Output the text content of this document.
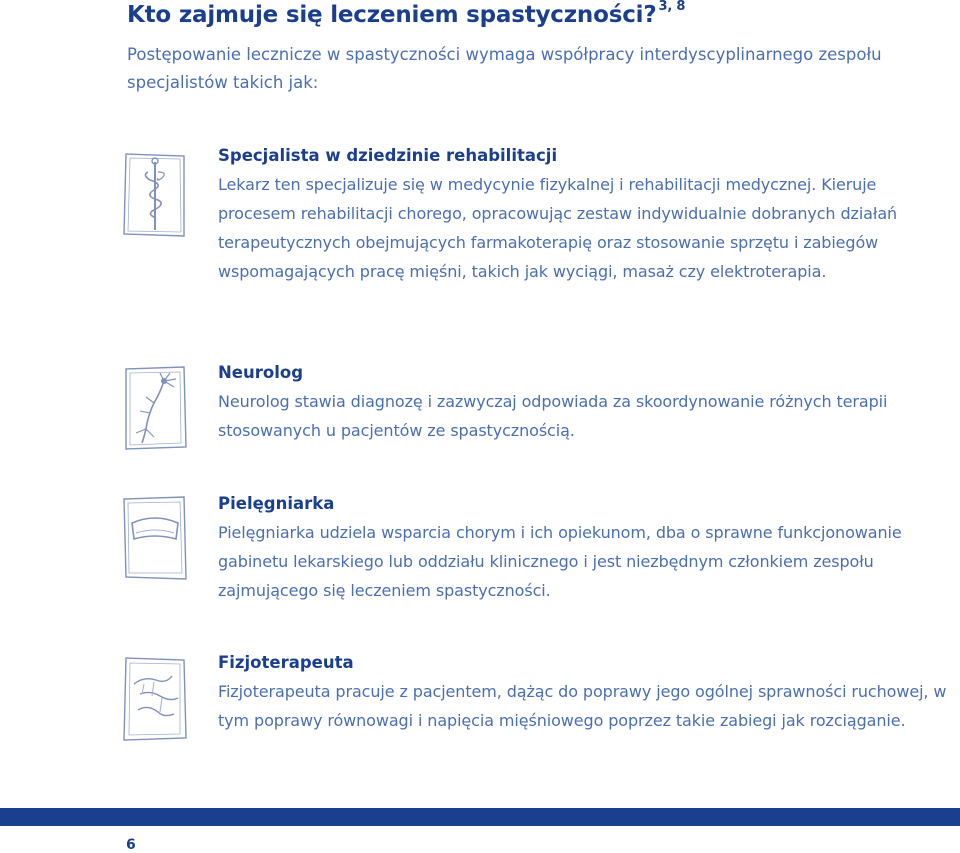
Kto zajmuje się leczeniem spastyczności? $^{3, 8}$
Postępowanie lecznicze w spastyczności wymaga współpracy interdyscyplinarnego zespołu specjalistów takich jak:
Specjalista w dziedzinie rehabilitacji
Lekarz ten specjalizuje się w medycynie fizykalnej i rehabilitacji medycznej. Kieruje procesem rehabilitacji chorego, opracowując zestaw indywidualnie dobranych działań terapeutycznych obejmujących farmakoterapię oraz stosowanie sprzętu i zabiegów wspomagających pracę mięśni, takich jak wyciągi, masaż czy elektroterapia.
Neurolog
Neurolog stawia diagnozę i zazwyczaj odpowiada za skoordynowanie różnych terapii stosowanych u pacjentów ze spastycznością.
Pielęgniarka
Pielęgniarka udziela wsparcia chorym i ich opiekunom, dba o sprawne funkcjonowanie gabinetu lekarskiego lub oddziału klinicznego i jest niezbędnym członkiem zespołu zajmującego się leczeniem spastyczności.
Fizjoterapeuta
Fizjoterapeuta pracuje z pacjentem, dążąc do poprawy jego ogólnej sprawności ruchowej, w tym poprawy równowagi i napięcia mięśniowego poprzez takie zabiegi jak rozciąganie.
6
